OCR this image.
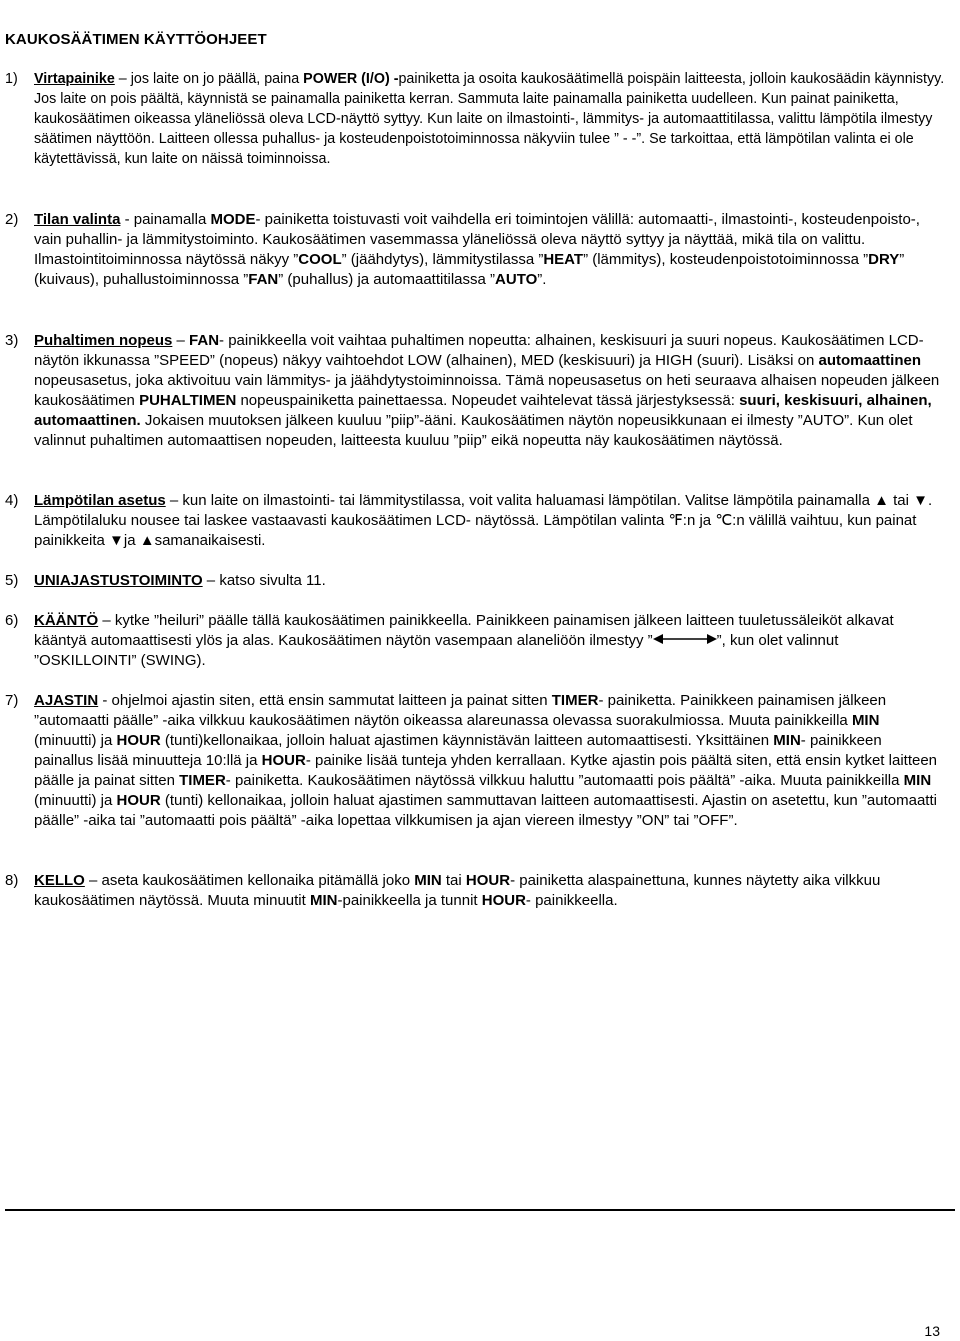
KAUKOSÄÄTIMEN KÄYTTÖOHJEET
1) Virtapainike – jos laite on jo päällä, paina POWER (I/O) -painiketta ja osoita kaukosäätimellä poispäin laitteesta, jolloin kaukosäädin käynnistyy. Jos laite on pois päältä, käynnistä se painamalla painiketta kerran. Sammuta laite painamalla painiketta uudelleen. Kun painat painiketta, kaukosäätimen oikeassa yläneliössä oleva LCD-näyttö syttyy. Kun laite on ilmastointi-, lämmitys- ja automaattitilassa, valittu lämpötila ilmestyy säätimen näyttöön. Laitteen ollessa puhallus- ja kosteudenpoistotoiminnossa näkyviin tulee ” - -”. Se tarkoittaa, että lämpötilan valinta ei ole käytettävissä, kun laite on näissä toiminnoissa.
2) Tilan valinta - painamalla MODE- painiketta toistuvasti voit vaihdella eri toimintojen välillä: automaatti-, ilmastointi-, kosteudenpoisto-, vain puhallin- ja lämmitystoiminto. Kaukosäätimen vasemmassa yläneliössä oleva näyttö syttyy ja näyttää, mikä tila on valittu. Ilmastointitoiminnossa näytössä näkyy ”COOL” (jäähdytys), lämmitystilassa ”HEAT” (lämmitys), kosteudenpoistotoiminnossa ”DRY” (kuivaus), puhallustoiminnossa ”FAN” (puhallus) ja automaattitilassa ”AUTO”.
3) Puhaltimen nopeus – FAN- painikkeella voit vaihtaa puhaltimen nopeutta: alhainen, keskisuuri ja suuri nopeus. Kaukosäätimen LCD- näytön ikkunassa ”SPEED” (nopeus) näkyy vaihtoehdot LOW (alhainen), MED (keskisuuri) ja HIGH (suuri). Lisäksi on automaattinen nopeusasetus, joka aktivoituu vain lämmitys- ja jäähdytystoiminnoissa. Tämä nopeusasetus on heti seuraava alhaisen nopeuden jälkeen kaukosäätimen PUHALTIMEN nopeuspainiketta painettaessa. Nopeudet vaihtelevat tässä järjestyksessä: suuri, keskisuuri, alhainen, automaattinen. Jokaisen muutoksen jälkeen kuuluu ”piip”-ääni. Kaukosäätimen näytön nopeusikkunaan ei ilmesty ”AUTO”. Kun olet valinnut puhaltimen automaattisen nopeuden, laitteesta kuuluu ”piip” eikä nopeutta näy kaukosäätimen näytössä.
4) Lämpötilan asetus – kun laite on ilmastointi- tai lämmitystilassa, voit valita haluamasi lämpötilan. Valitse lämpötila painamalla ▲ tai ▼. Lämpötilaluku nousee tai laskee vastaavasti kaukosäätimen LCD- näytössä. Lämpötilan valinta ℉:n ja ℃:n välillä vaihtuu, kun painat painikkeita ▼ja ▲samanaikaisesti.
5) UNIAJASTUSTOIMINTO – katso sivulta 11.
6) KÄÄNTÖ – kytke ”heiluri” päälle tällä kaukosäätimen painikkeella. Painikkeen painamisen jälkeen laitteen tuuletussäleiköt alkavat kääntyä automaattisesti ylös ja alas. Kaukosäätimen näytön vasempaan alaneliöön ilmestyy ”	”, kun olet valinnut ”OSKILLOINTI” (SWING).
7) AJASTIN - ohjelmoi ajastin siten, että ensin sammutat laitteen ja painat sitten TIMER- painiketta. Painikkeen painamisen jälkeen ”automaatti päälle” -aika vilkkuu kaukosäätimen näytön oikeassa alareunassa olevassa suorakulmiossa. Muuta painikkeilla MIN (minuutti) ja HOUR (tunti)kellonaikaa, jolloin haluat ajastimen käynnistävän laitteen automaattisesti. Yksittäinen MIN- painikkeen painallus lisää minuutteja 10:llä ja HOUR- painike lisää tunteja yhden kerrallaan. Kytke ajastin pois päältä siten, että ensin kytket laitteen päälle ja painat sitten TIMER- painiketta. Kaukosäätimen näytössä vilkkuu haluttu ”automaatti pois päältä” -aika. Muuta painikkeilla MIN (minuutti) ja HOUR (tunti) kellonaikaa, jolloin haluat ajastimen sammuttavan laitteen automaattisesti. Ajastin on asetettu, kun ”automaatti päälle” -aika tai ”automaatti pois päältä” -aika lopettaa vilkkumisen ja ajan viereen ilmestyy ”ON” tai ”OFF”.
8) KELLO – aseta kaukosäätimen kellonaika pitämällä joko MIN tai HOUR- painiketta alaspainettuna, kunnes näytetty aika vilkkuu kaukosäätimen näytössä. Muuta minuutit MIN-painikkeella ja tunnit HOUR- painikkeella.
13
